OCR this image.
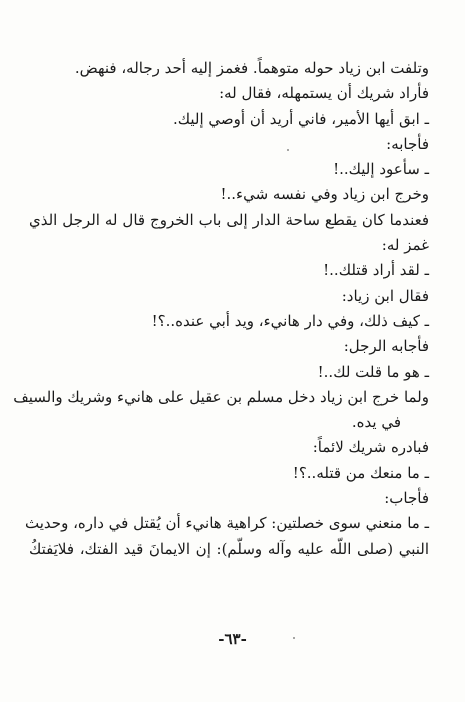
وتلفت ابن زياد حوله متوهماً. فغمز إليه أحد رجاله، فنهض.
فأراد شريك أن يستمهله، فقال له:
ـ ابق أيها الأمير، فاني أريد أن أوصي إليك.
فأجابه:
ـ سأعود إليك..!
وخرج ابن زياد وفي نفسه شيء..!
فعندما كان يقطع ساحة الدار إلى باب الخروج قال له الرجل الذي
غمز له:
ـ لقد أراد قتلك..!
فقال ابن زياد:
ـ كيف ذلك، وفي دار هانيء، ويد أبي عنده..؟!
فأجابه الرجل:
ـ هو ما قلت لك..!
ولما خرج ابن زياد دخل مسلم بن عقيل على هانيء وشريك والسيف
في يده.
فبادره شريك لائماً:
ـ ما منعك من قتله..؟!
فأجاب:
ـ ما منعني سوى خصلتين: كراهية هانيء أن يُقتل في داره، وحديث
النبي (صلى اللّه عليه وآله وسلّم): إن الايمانَ قيد الفتك، فلايَفتكُ
-٦٣-
